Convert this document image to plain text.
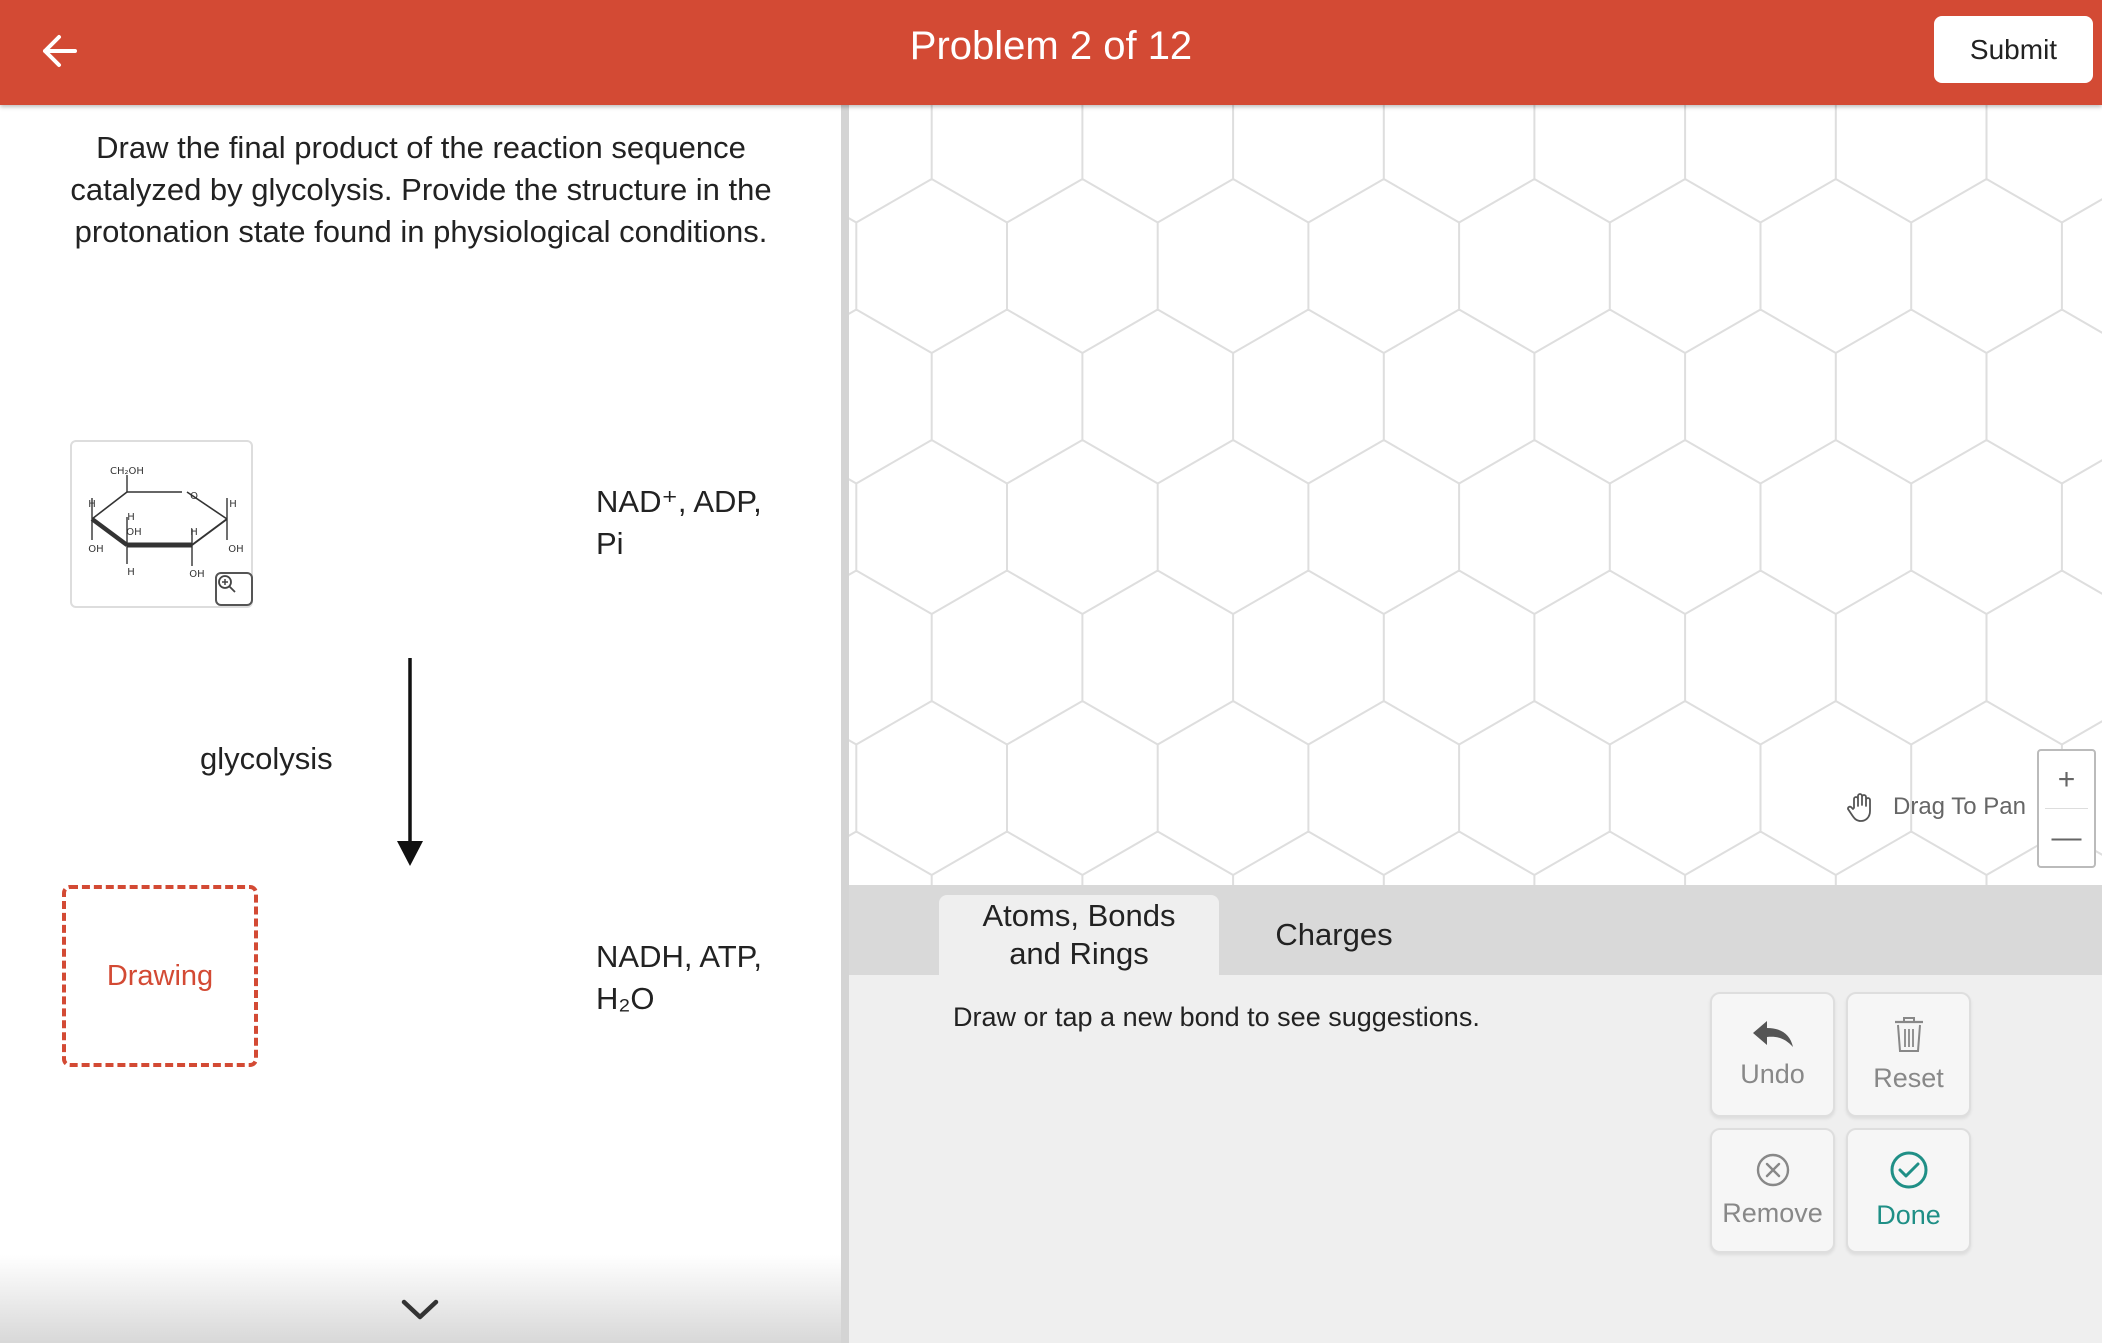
Problem 2 of 12	Submit
Draw the final product of the reaction sequence catalyzed by glycolysis. Provide the structure in the protonation state found in physiological conditions.
CH₂OH
O
H	H
H
OH	H
OH	OH
H	OH
NAD⁺, ADP,
Pi
glycolysis
Drawing
NADH, ATP,
H₂O
Drag To Pan
+
—
Atoms, Bonds
and Rings
Charges
Draw or tap a new bond to see suggestions.
Undo	Reset
Remove Done
